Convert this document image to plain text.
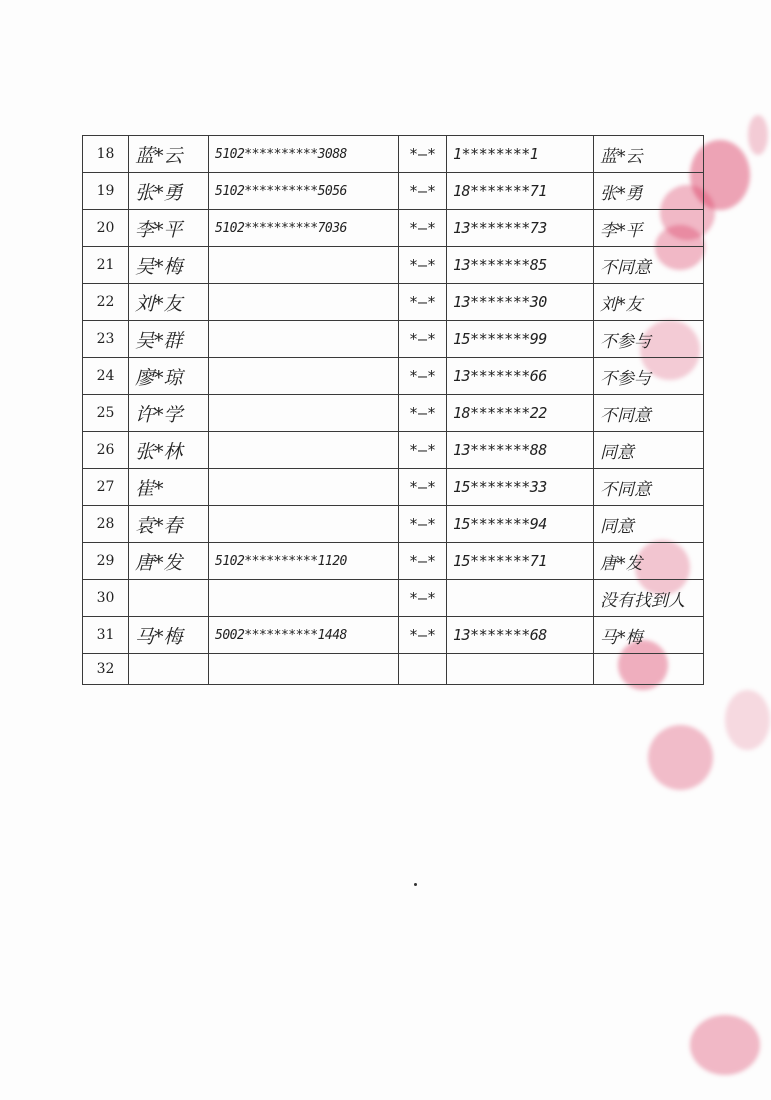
18	蓝*云	5102**********3088	*—*	1********1	蓝*云
19	张*勇	5102**********5056	*—*	18*******71	张*勇
20	李*平	5102**********7036	*—*	13*******73	李*平
21	吴*梅		*—*	13*******85	不同意
22	刘*友		*—*	13*******30	刘*友
23	吴*群		*—*	15*******99	不参与
24	廖*琼		*—*	13*******66	不参与
25	许*学		*—*	18*******22	不同意
26	张*林		*—*	13*******88	同意
27	崔*		*—*	15*******33	不同意
28	袁*春		*—*	15*******94	同意
29	唐*发	5102**********1120	*—*	15*******71	唐*发
30			*—*		没有找到人
31	马*梅	5002**********1448	*—*	13*******68	马*梅
32					
